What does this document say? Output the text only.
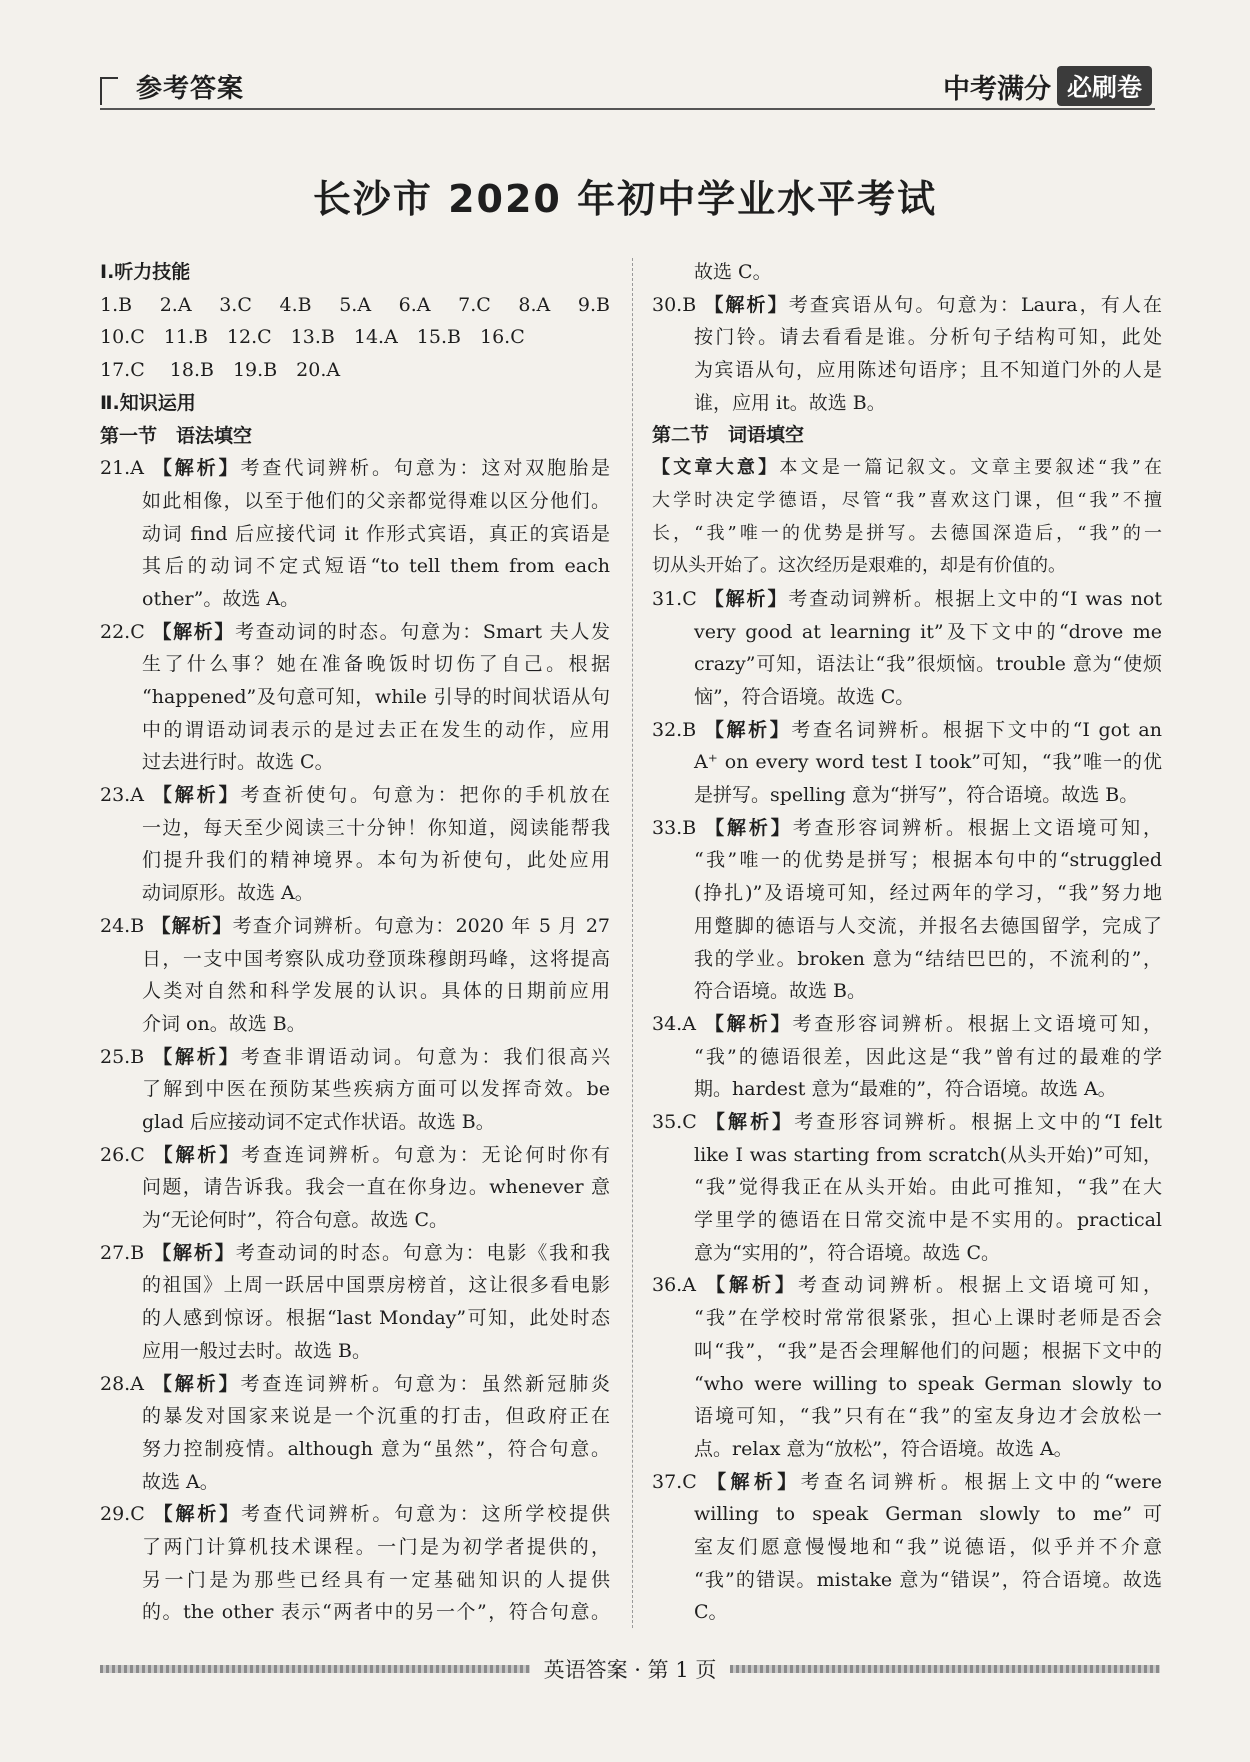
参考答案	中考满分 必刷卷
长沙市 2020 年初中学业水平考试
Ⅰ.听力技能
1.B　2.A　3.C　4.B　5.A　6.A　7.C　8.A　9.B
10.C　11.B　12.C　13.B　14.A　15.B　16.C
17.C　 18.B　19.B　20.A
Ⅱ.知识运用
第一节　语法填空
21.A 【解析】考查代词辨析。句意为：这对双胞胎是
如此相像，以至于他们的父亲都觉得难以区分他们。
动词 find 后应接代词 it 作形式宾语，真正的宾语是
其后的动词不定式短语“to tell them from each
other”。故选 A。
22.C 【解析】考查动词的时态。句意为：Smart 夫人发
生了什么事？她在准备晚饭时切伤了自己。根据
“happened”及句意可知，while 引导的时间状语从句
中的谓语动词表示的是过去正在发生的动作，应用
过去进行时。故选 C。
23.A 【解析】考查祈使句。句意为：把你的手机放在
一边，每天至少阅读三十分钟！你知道，阅读能帮我
们提升我们的精神境界。本句为祈使句，此处应用
动词原形。故选 A。
24.B 【解析】考查介词辨析。句意为：2020 年 5 月 27
日，一支中国考察队成功登顶珠穆朗玛峰，这将提高
人类对自然和科学发展的认识。具体的日期前应用
介词 on。故选 B。
25.B 【解析】考查非谓语动词。句意为：我们很高兴
了解到中医在预防某些疾病方面可以发挥奇效。be
glad 后应接动词不定式作状语。故选 B。
26.C 【解析】考查连词辨析。句意为：无论何时你有
问题，请告诉我。我会一直在你身边。whenever 意
为“无论何时”，符合句意。故选 C。
27.B 【解析】考查动词的时态。句意为：电影《我和我
的祖国》上周一跃居中国票房榜首，这让很多看电影
的人感到惊讶。根据“last Monday”可知，此处时态
应用一般过去时。故选 B。
28.A 【解析】考查连词辨析。句意为：虽然新冠肺炎
的暴发对国家来说是一个沉重的打击，但政府正在
努力控制疫情。although 意为“虽然”，符合句意。
故选 A。
29.C 【解析】考查代词辨析。句意为：这所学校提供
了两门计算机技术课程。一门是为初学者提供的，
另一门是为那些已经具有一定基础知识的人提供
的。the other 表示“两者中的另一个”，符合句意。
故选 C。
30.B 【解析】考查宾语从句。句意为：Laura，有人在
按门铃。请去看看是谁。分析句子结构可知，此处
为宾语从句，应用陈述句语序；且不知道门外的人是
谁，应用 it。故选 B。
第二节　词语填空
【文章大意】本文是一篇记叙文。文章主要叙述“我”在
大学时决定学德语，尽管“我”喜欢这门课，但“我”不擅
长，“我”唯一的优势是拼写。去德国深造后，“我”的一
切从头开始了。这次经历是艰难的，却是有价值的。
31.C 【解析】考查动词辨析。根据上文中的“I was not
very good at learning it”及下文中的“drove me
crazy”可知，语法让“我”很烦恼。trouble 意为“使烦
恼”，符合语境。故选 C。
32.B 【解析】考查名词辨析。根据下文中的“I got an
A⁺ on every word test I took”可知，“我”唯一的优
是拼写。spelling 意为“拼写”，符合语境。故选 B。
33.B 【解析】考查形容词辨析。根据上文语境可知，
“我”唯一的优势是拼写；根据本句中的“struggled
(挣扎)”及语境可知，经过两年的学习，“我”努力地
用蹩脚的德语与人交流，并报名去德国留学，完成了
我的学业。broken 意为“结结巴巴的，不流利的”，
符合语境。故选 B。
34.A 【解析】考查形容词辨析。根据上文语境可知，
“我”的德语很差，因此这是“我”曾有过的最难的学
期。hardest 意为“最难的”，符合语境。故选 A。
35.C 【解析】考查形容词辨析。根据上文中的“I felt
like I was starting from scratch(从头开始)”可知，
“我”觉得我正在从头开始。由此可推知，“我”在大
学里学的德语在日常交流中是不实用的。practical
意为“实用的”，符合语境。故选 C。
36.A 【解析】考查动词辨析。根据上文语境可知，
“我”在学校时常常很紧张，担心上课时老师是否会
叫“我”，“我”是否会理解他们的问题；根据下文中的
“who were willing to speak German slowly to
语境可知，“我”只有在“我”的室友身边才会放松一
点。relax 意为“放松”，符合语境。故选 A。
37.C 【解析】考查名词辨析。根据上文中的“were
willing to speak German slowly to me”可
室友们愿意慢慢地和“我”说德语，似乎并不介意
“我”的错误。mistake 意为“错误”，符合语境。故选
C。
英语答案 · 第 1 页
